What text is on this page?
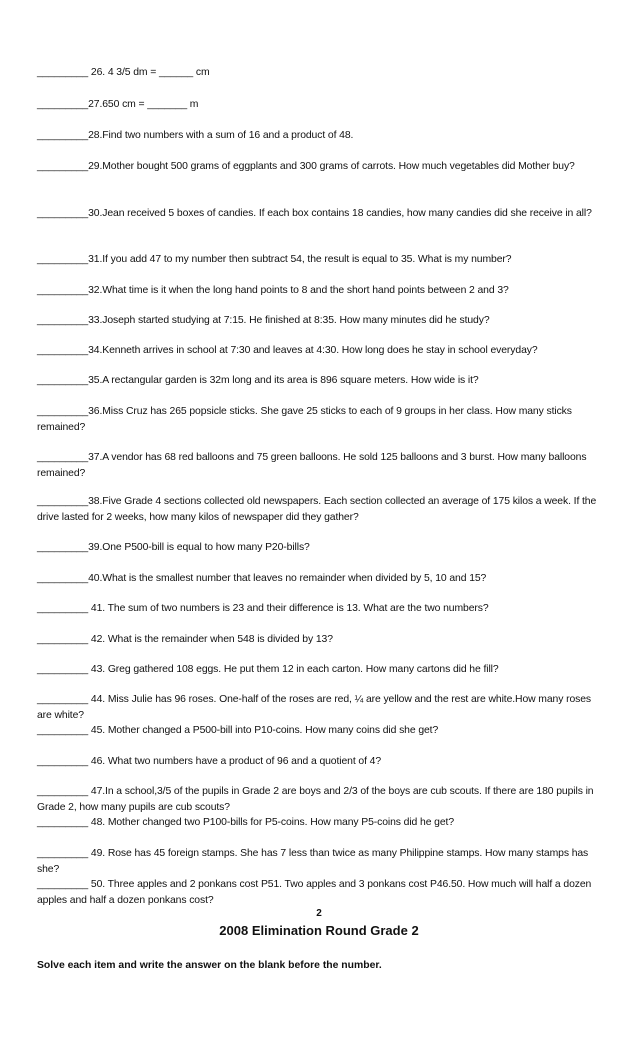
_________ 26. 4 3/5 dm = ______ cm
_________27.650 cm = _______ m
_________28.Find two numbers with a sum of 16 and a product of 48.
_________29.Mother bought 500 grams of eggplants and 300 grams of carrots. How much vegetables did Mother buy?
_________30.Jean received 5 boxes of candies. If each box contains 18 candies, how many candies did she receive in all?
_________31.If you add 47 to my number then subtract 54, the result is equal to 35. What is my number?
_________32.What time is it when the long hand points to 8 and the short hand points between 2 and 3?
_________33.Joseph started studying at 7:15. He finished at 8:35. How many minutes did he study?
_________34.Kenneth arrives in school at 7:30 and leaves at 4:30. How long does he stay in school everyday?
_________35.A rectangular garden is 32m long and its area is 896 square meters. How wide is it?
_________36.Miss Cruz has 265 popsicle sticks. She gave 25 sticks to each of 9 groups in her class. How many sticks remained?
_________37.A vendor has 68 red balloons and 75 green balloons. He sold 125 balloons and 3 burst. How many balloons remained?
_________38.Five Grade 4 sections collected old newspapers. Each section collected an average of 175 kilos a week. If the drive lasted for 2 weeks, how many kilos of newspaper did they gather?
_________39.One P500-bill is equal to how many P20-bills?
_________40.What is the smallest number that leaves no remainder when divided by 5, 10 and 15?
_________ 41. The sum of two numbers is 23 and their difference is 13. What are the two numbers?
_________ 42. What is the remainder when 548 is divided by 13?
_________ 43. Greg gathered 108 eggs. He put them 12 in each carton. How many cartons did he fill?
_________ 44. Miss Julie has 96 roses. One-half of the roses are red, ¼ are yellow and the rest are white.How many roses are white?
_________ 45. Mother changed a P500-bill into P10-coins. How many coins did she get?
_________ 46. What two numbers have a product of 96 and a quotient of 4?
_________ 47.In a school,3/5 of the pupils in Grade 2 are boys and 2/3 of the boys are cub scouts. If there are 180 pupils in Grade 2, how many pupils are cub scouts?
_________ 48. Mother changed two P100-bills for P5-coins. How many P5-coins did he get?
_________ 49. Rose has 45 foreign stamps. She has 7 less than twice as many Philippine stamps. How many stamps has she?
_________ 50. Three apples and 2 ponkans cost P51. Two apples and 3 ponkans cost P46.50. How much will half a dozen apples and half a dozen ponkans cost?
2
2008 Elimination Round Grade 2
Solve each item and write the answer on the blank before the number.
